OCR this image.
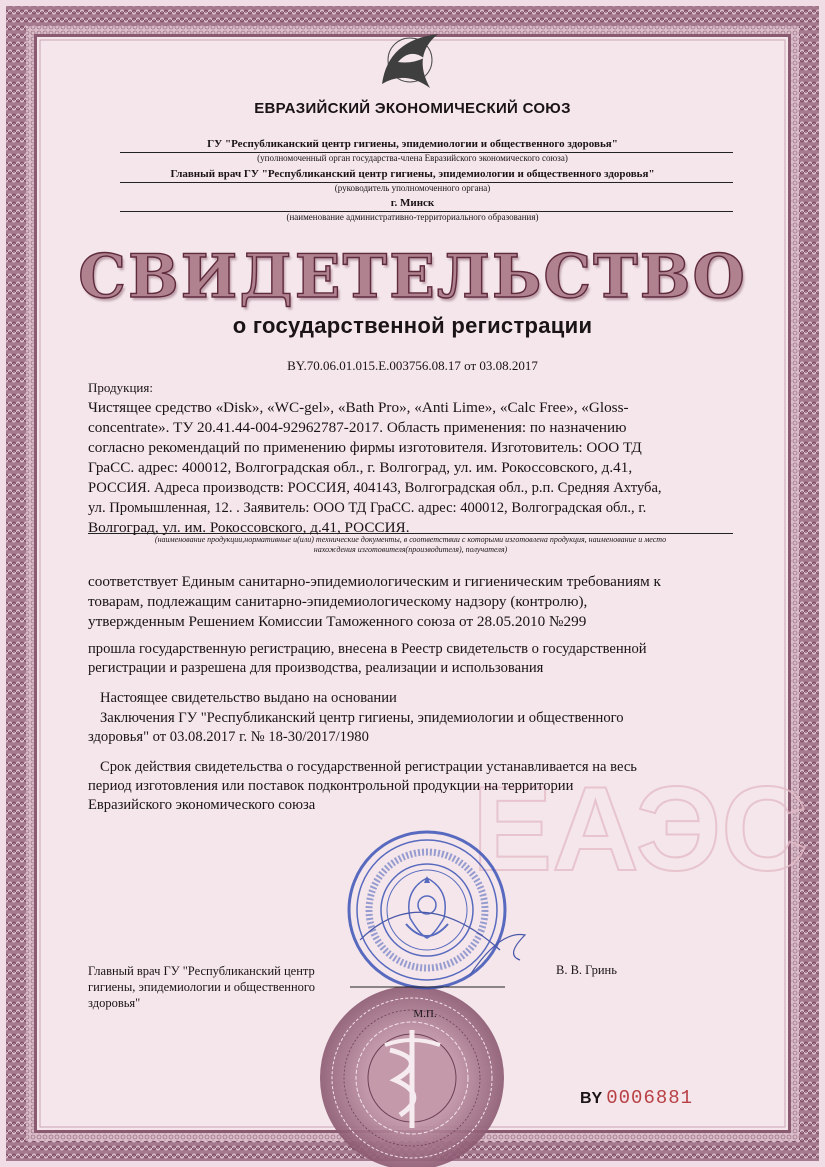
ЕАЭС
ЕВРАЗИЙСКИЙ ЭКОНОМИЧЕСКИЙ СОЮЗ
ГУ "Республиканский центр гигиены, эпидемиологии и общественного здоровья"
(уполномоченный орган государства-члена Евразийского экономического союза)
Главный врач ГУ "Республиканский центр гигиены, эпидемиологии и общественного здоровья"
(руководитель уполномоченного органа)
г. Минск
(наименование административно-территориального образования)
СВИДЕТЕЛЬСТВО
о государственной регистрации
BY.70.06.01.015.E.003756.08.17 от 03.08.2017
Продукция:
Чистящее средство «Disk», «WC-gel», «Bath Pro», «Anti Lime», «Calc Free», «Gloss-
concentrate». ТУ 20.41.44-004-92962787-2017. Область применения: по назначению
согласно рекомендаций по применению фирмы изготовителя. Изготовитель: ООО ТД
ГраСС. адрес: 400012, Волгоградская обл., г. Волгоград, ул. им. Рокоссовского, д.41,
РОССИЯ. Адреса производств: РОССИЯ, 404143, Волгоградская обл., р.п. Средняя Ахтуба,
ул. Промышленная, 12. . Заявитель: ООО ТД ГраСС. адрес: 400012, Волгоградская обл., г.
Волгоград, ул. им. Рокоссовского, д.41, РОССИЯ.
(наименование продукции,нормативные и(или) технические документы, в соответствии с которыми изготовлена продукция, наименование и место
нахождения изготовителя(производителя), получателя)
соответствует Единым санитарно-эпидемиологическим и гигиеническим требованиям к
товарам, подлежащим санитарно-эпидемиологическому надзору (контролю),
утвержденным Решением Комиссии Таможенного союза от 28.05.2010 №299
прошла государственную регистрацию, внесена в Реестр свидетельств о государственной
регистрации и разрешена для производства, реализации и использования
Настоящее свидетельство выдано на основании
Заключения ГУ "Республиканский центр гигиены, эпидемиологии и общественного
здоровья" от 03.08.2017 г. № 18-30/2017/1980
Срок действия свидетельства о государственной регистрации устанавливается на весь
период изготовления или поставок подконтрольной продукции на территории
Евразийского экономического союза
Главный врач ГУ "Республиканский центр
гигиены, эпидемиологии и общественного
здоровья"
В. В. Гринь
М.П.
BY 0006881
